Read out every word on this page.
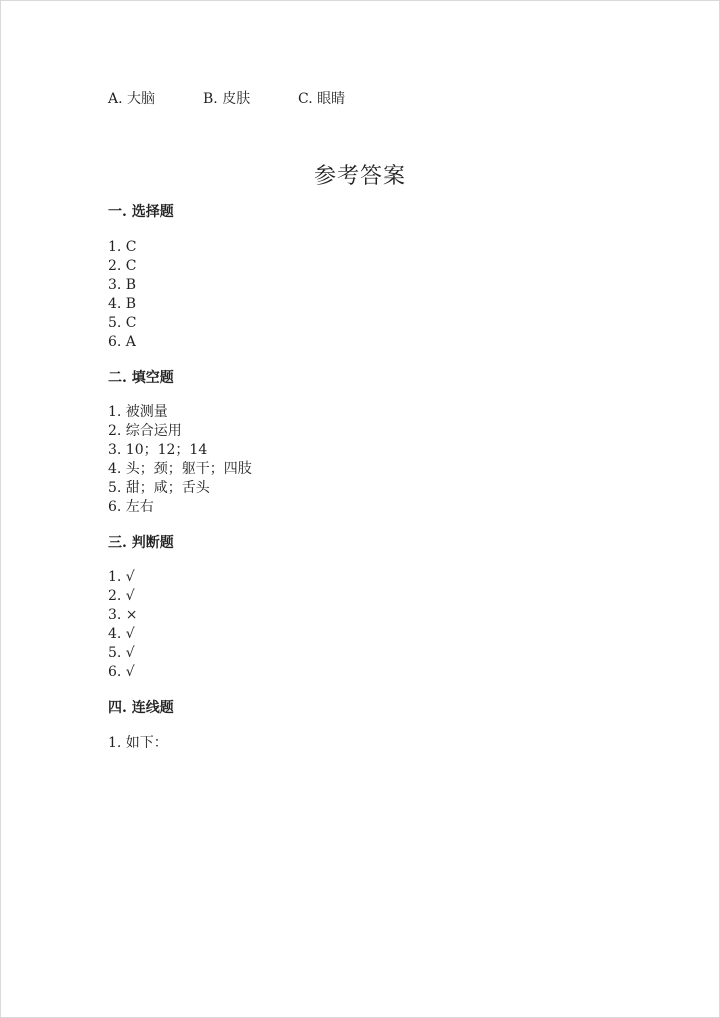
A. 大脑	B. 皮肤	C. 眼睛
参考答案
一. 选择题
1. C
2. C
3. B
4. B
5. C
6. A
二. 填空题
1. 被测量
2. 综合运用
3. 10；12；14
4. 头；颈；躯干；四肢
5. 甜；咸；舌头
6. 左右
三. 判断题
1. √
2. √
3. ×
4. √
5. √
6. √
四. 连线题
1. 如下：
